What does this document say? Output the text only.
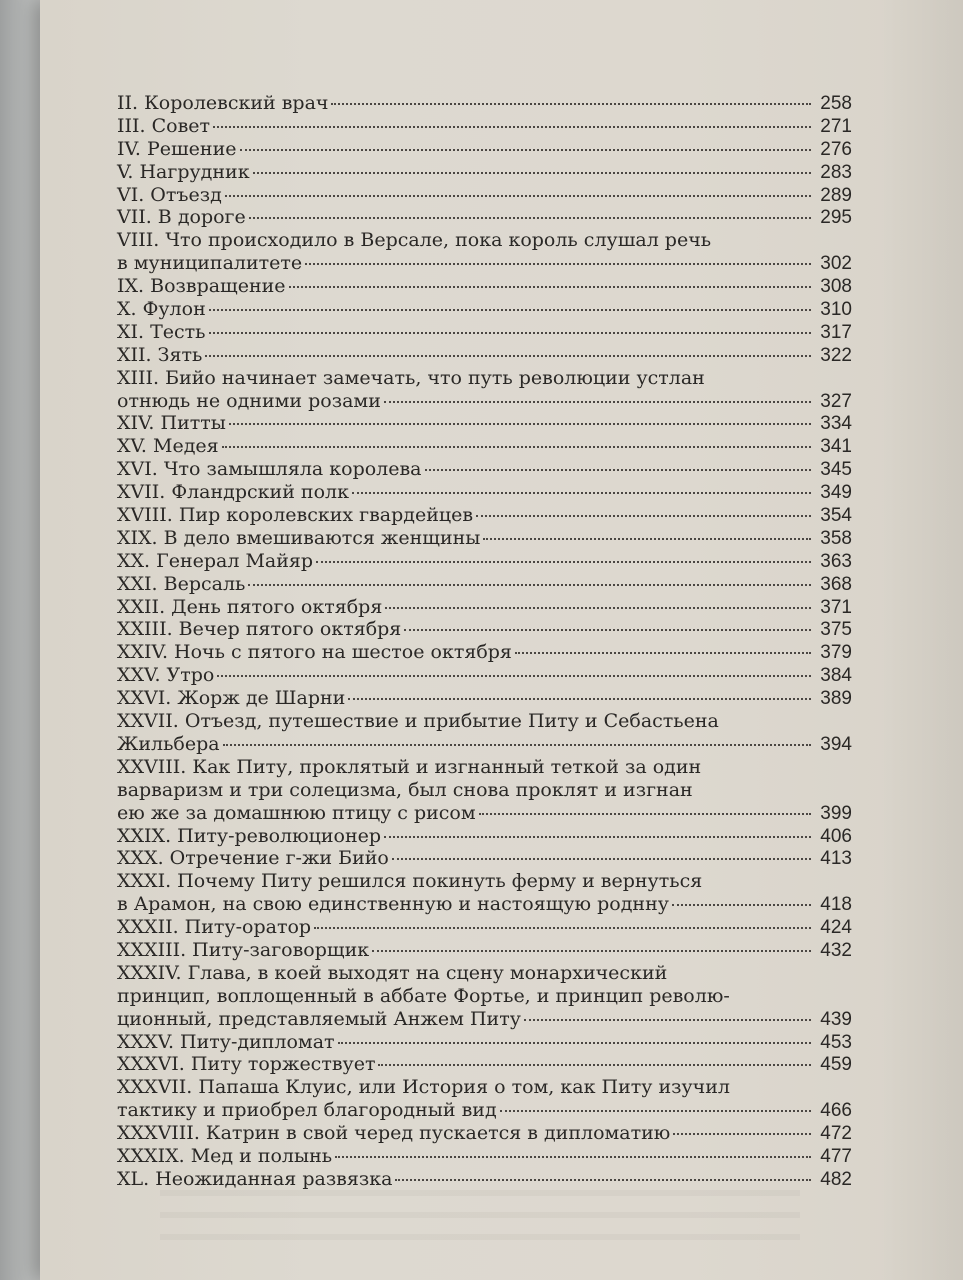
II. Королевский врач	258
III. Совет	271
IV. Решение	276
V. Нагрудник	283
VI. Отъезд	289
VII. В дороге	295
VIII. Что происходило в Версале, пока король слушал речь
в муниципалитете	302
IX. Возвращение	308
X. Фулон	310
XI. Тесть	317
XII. Зять	322
XIII. Бийо начинает замечать, что путь революции устлан
отнюдь не одними розами	327
XIV. Питты	334
XV. Медея	341
XVI. Что замышляла королева	345
XVII. Фландрский полк	349
XVIII. Пир королевских гвардейцев	354
XIX. В дело вмешиваются женщины	358
XX. Генерал Майяр	363
XXI. Версаль	368
XXII. День пятого октября	371
XXIII. Вечер пятого октября	375
XXIV. Ночь с пятого на шестое октября	379
XXV. Утро	384
XXVI. Жорж де Шарни	389
XXVII. Отъезд, путешествие и прибытие Питу и Себастьена
Жильбера	394
XXVIII. Как Питу, проклятый и изгнанный теткой за один
варваризм и три солецизма, был снова проклят и изгнан
ею же за домашнюю птицу с рисом	399
XXIX. Питу-революционер	406
XXX. Отречение г-жи Бийо	413
XXXI. Почему Питу решился покинуть ферму и вернуться
в Арамон, на свою единственную и настоящую роднну	418
XXXII. Питу-оратор	424
XXXIII. Питу-заговорщик	432
XXXIV. Глава, в коей выходят на сцену монархический
принцип, воплощенный в аббате Фортье, и принцип револю-
ционный, представляемый Анжем Питу	439
XXXV. Питу-дипломат	453
XXXVI. Питу торжествует	459
XXXVII. Папаша Клуис, или История о том, как Питу изучил
тактику и приобрел благородный вид	466
XXXVIII. Катрин в свой черед пускается в дипломатию	472
XXXIX. Мед и полынь	477
XL. Неожиданная развязка	482
